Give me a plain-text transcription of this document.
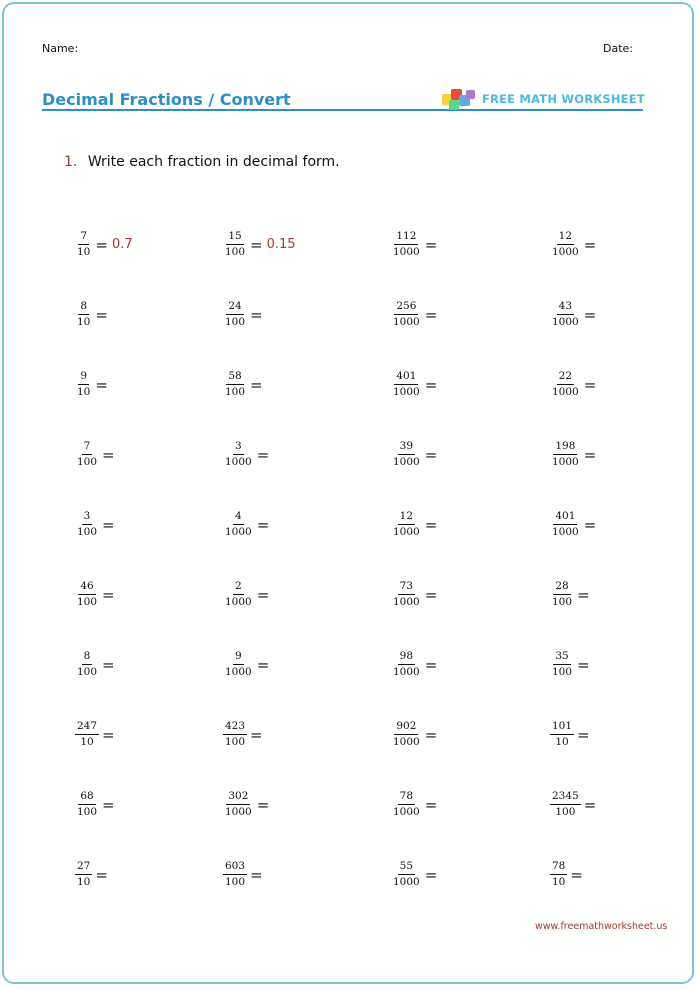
Name:	Date:
Decimal Fractions / Convert	FREE MATH WORKSHEET
1. Write each fraction in decimal form.
$\frac{7}{10} = 0.7$	$\frac{15}{100} = 0.15$	$\frac{112}{1000}$ =	$\frac{12}{1000}$ =
$\frac{8}{10}$ =	$\frac{24}{100}$ =	$\frac{256}{1000}$ =	$\frac{43}{1000}$ =
$\frac{9}{10}$ =	$\frac{58}{100}$ =	$\frac{401}{1000}$ =	$\frac{22}{1000}$ =
$\frac{7}{100}$ =	$\frac{3}{1000}$ =	$\frac{39}{1000}$ =	$\frac{198}{1000}$ =
$\frac{3}{100}$ =	$\frac{4}{1000}$ =	$\frac{12}{1000}$ =	$\frac{401}{1000}$ =
$\frac{46}{100}$ =	$\frac{2}{1000}$ =	$\frac{73}{1000}$ =	$\frac{28}{100}$ =
$\frac{8}{100}$ =	$\frac{9}{1000}$ =	$\frac{98}{1000}$ =	$\frac{35}{100}$ =
$\frac{247}{10}$ =	$\frac{423}{100}$ =	$\frac{902}{1000}$ =	$\frac{101}{10}$ =
$\frac{68}{100}$ =	$\frac{302}{1000}$ =	$\frac{78}{1000}$ =	$\frac{2345}{100}$ =
$\frac{27}{10}$ =	$\frac{603}{100}$ =	$\frac{55}{1000}$ =	$\frac{78}{10}$ =
www.freemathworksheet.us
